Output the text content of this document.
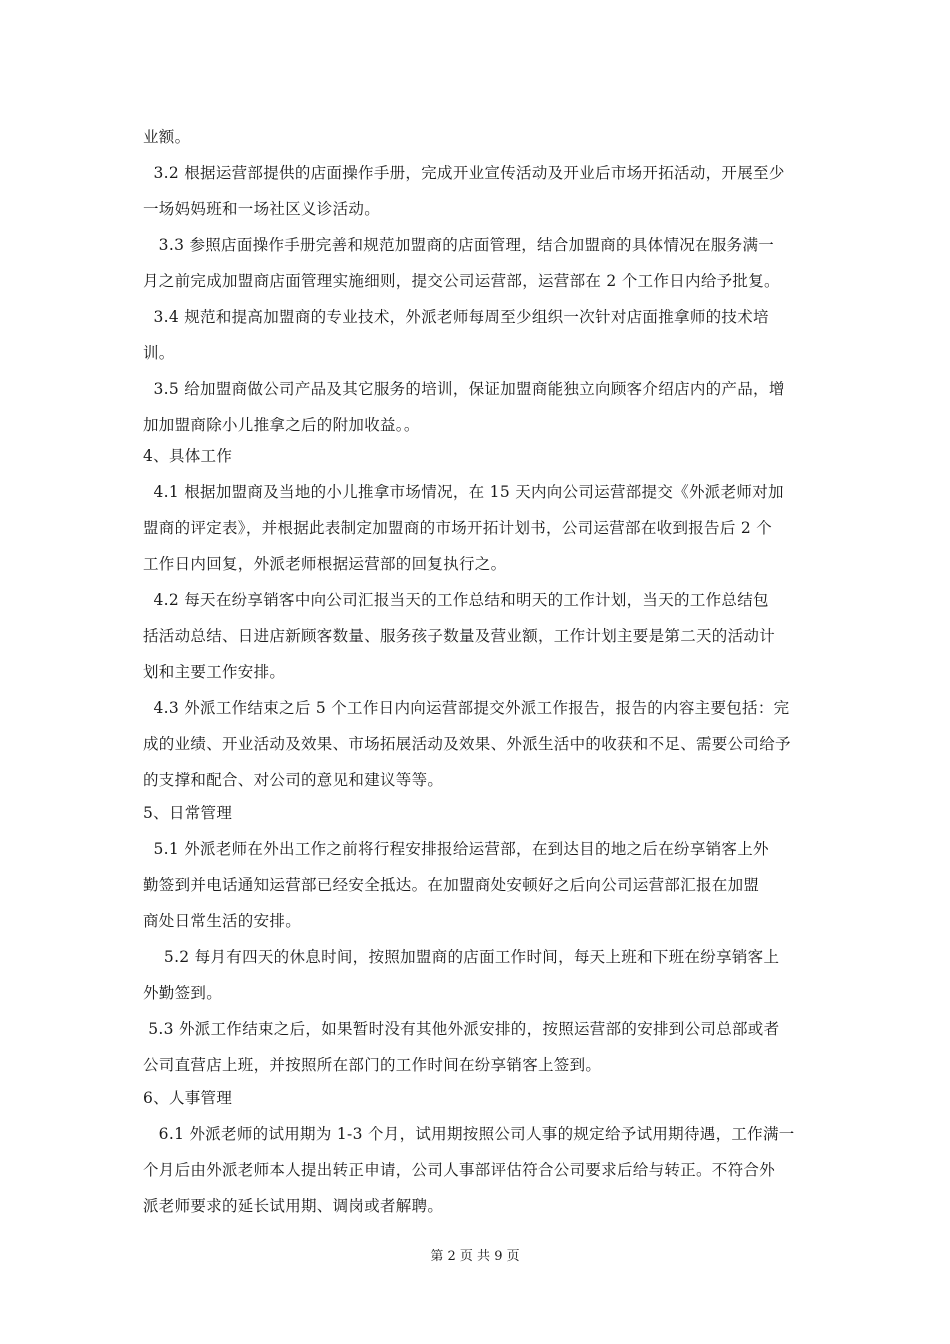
业额。
3.2 根据运营部提供的店面操作手册，完成开业宣传活动及开业后市场开拓活动，开展至少
一场妈妈班和一场社区义诊活动。
3.3 参照店面操作手册完善和规范加盟商的店面管理，结合加盟商的具体情况在服务满一
月之前完成加盟商店面管理实施细则，提交公司运营部，运营部在 2 个工作日内给予批复。
3.4 规范和提高加盟商的专业技术，外派老师每周至少组织一次针对店面推拿师的技术培
训。
3.5 给加盟商做公司产品及其它服务的培训，保证加盟商能独立向顾客介绍店内的产品，增
加加盟商除小儿推拿之后的附加收益。。
4、具体工作
4.1 根据加盟商及当地的小儿推拿市场情况，在 15 天内向公司运营部提交《外派老师对加
盟商的评定表》，并根据此表制定加盟商的市场开拓计划书，公司运营部在收到报告后 2 个
工作日内回复，外派老师根据运营部的回复执行之。
4.2 每天在纷享销客中向公司汇报当天的工作总结和明天的工作计划，当天的工作总结包
括活动总结、日进店新顾客数量、服务孩子数量及营业额，工作计划主要是第二天的活动计
划和主要工作安排。
4.3 外派工作结束之后 5 个工作日内向运营部提交外派工作报告，报告的内容主要包括：完
成的业绩、开业活动及效果、市场拓展活动及效果、外派生活中的收获和不足、需要公司给予
的支撑和配合、对公司的意见和建议等等。
5、日常管理
5.1 外派老师在外出工作之前将行程安排报给运营部，在到达目的地之后在纷享销客上外
勤签到并电话通知运营部已经安全抵达。在加盟商处安顿好之后向公司运营部汇报在加盟
商处日常生活的安排。
5.2 每月有四天的休息时间，按照加盟商的店面工作时间，每天上班和下班在纷享销客上
外勤签到。
5.3 外派工作结束之后，如果暂时没有其他外派安排的，按照运营部的安排到公司总部或者
公司直营店上班，并按照所在部门的工作时间在纷享销客上签到。
6、人事管理
6.1 外派老师的试用期为 1-3 个月，试用期按照公司人事的规定给予试用期待遇，工作满一
个月后由外派老师本人提出转正申请，公司人事部评估符合公司要求后给与转正。不符合外
派老师要求的延长试用期、调岗或者解聘。
第 2 页 共 9 页
